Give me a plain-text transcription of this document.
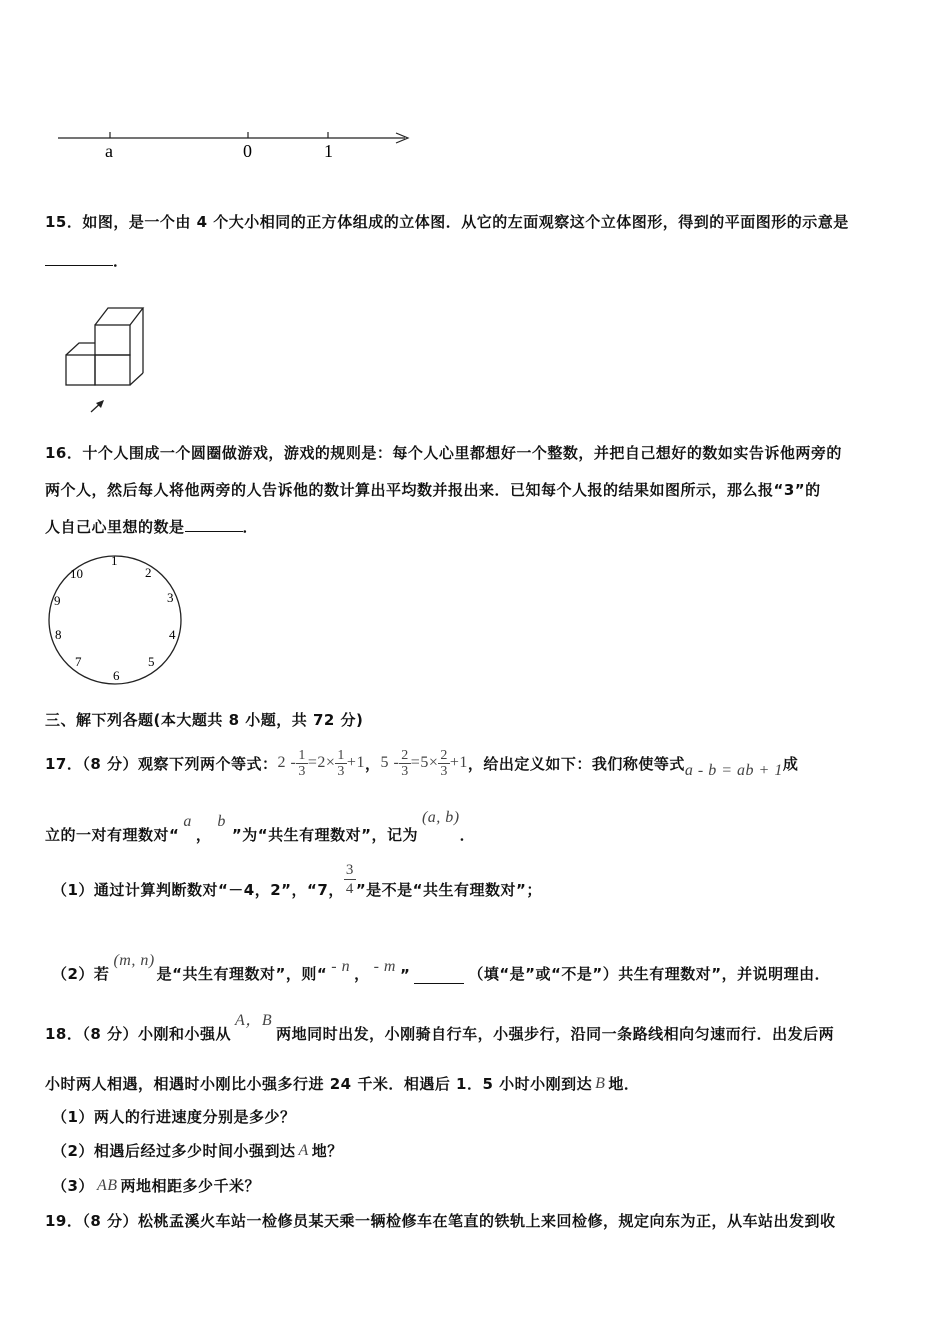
a	0	1
15．如图，是一个由 4 个大小相同的正方体组成的立体图．从它的左面观察这个立体图形，得到的平面图形的示意是
．
16．十个人围成一个圆圈做游戏，游戏的规则是：每个人心里都想好一个整数，并把自己想好的数如实告诉他两旁的
两个人，然后每人将他两旁的人告诉他的数计算出平均数并报出来．已知每个人报的结果如图所示，那么报“3”的
人自己心里想的数是	．
1
2
3
4
5
6
7
8
9
10
三、解下列各题(本大题共 8 小题，共 72 分)
17．（8 分）观察下列两个等式： $2 - \frac{1}{3} =2\times \frac{1}{3} +1$ ， $5 - \frac{2}{3} =5\times \frac{2}{3} +1$ ，给出定义如下：我们称使等式 a - b = ab + 1 成
立的一对有理数对“
a
，
b
”为“共生有理数对”，记为
(a, b)
．
（1）通过计算判断数对“－4，2”，“7， $\frac{3}{4}$ ”是不是“共生有理数对”；
（2）若
(m, n)
是“共生有理数对”，则“ - n ， - m ”	（填“是”或“不是”）共生有理数对”，并说明理由．
18．（8 分）小刚和小强从
A，B
两地同时出发，小刚骑自行车，小强步行，沿同一条路线相向匀速而行．出发后两
小时两人相遇，相遇时小刚比小强多行进 24 千米．相遇后 1．5 小时小刚到达 B 地．
（1）两人的行进速度分别是多少？
（2）相遇后经过多少时间小强到达 A 地？
（3） AB 两地相距多少千米？
19．（8 分）松桃孟溪火车站一检修员某天乘一辆检修车在笔直的铁轨上来回检修，规定向东为正，从车站出发到收
